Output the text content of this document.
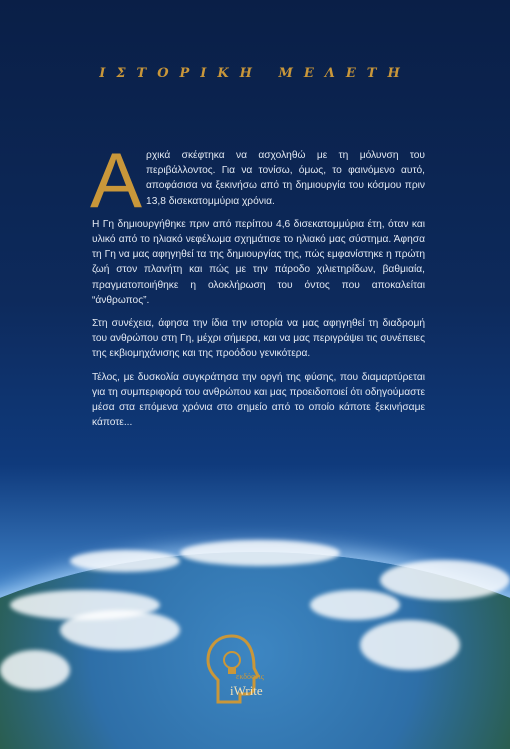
ΙΣΤΟΡΙΚΗ ΜΕΛΕΤΗ

Αρχικά σκέφτηκα να ασχοληθώ με τη μόλυνση του περιβάλλοντος. Για να τονίσω, όμως, το φαινόμενο αυτό, αποφάσισα να ξεκινήσω από τη δημιουργία του κόσμου πριν 13,8 δισεκατομμύρια χρόνια.

Η Γη δημιουργήθηκε πριν από περίπου 4,6 δισεκατομμύρια έτη, όταν και υλικό από το ηλιακό νεφέλωμα σχημάτισε το ηλιακό μας σύστημα. Άφησα τη Γη να μας αφηγηθεί τα της δημιουργίας της, πώς εμφανίστηκε η πρώτη ζωή στον πλανήτη και πώς με την πάροδο χιλιετηρίδων, βαθμιαία, πραγματοποιήθηκε η ολοκλήρωση του όντος που αποκαλείται “άνθρωπος”.

Στη συνέχεια, άφησα την ίδια την ιστορία να μας αφηγηθεί τη διαδρομή του ανθρώπου στη Γη, μέχρι σήμερα, και να μας περιγράψει τις συνέπειες της εκβιομηχάνισης και της προόδου γενικότερα.

Τέλος, με δυσκολία συγκράτησα την οργή της φύσης, που διαμαρτύρεται για τη συμπεριφορά του ανθρώπου και μας προειδοποιεί ότι οδηγούμαστε μέσα στα επόμενα χρόνια στο σημείο από το οποίο κάποτε ξεκινήσαμε κάποτε...

εκδόσεις
iWrite
